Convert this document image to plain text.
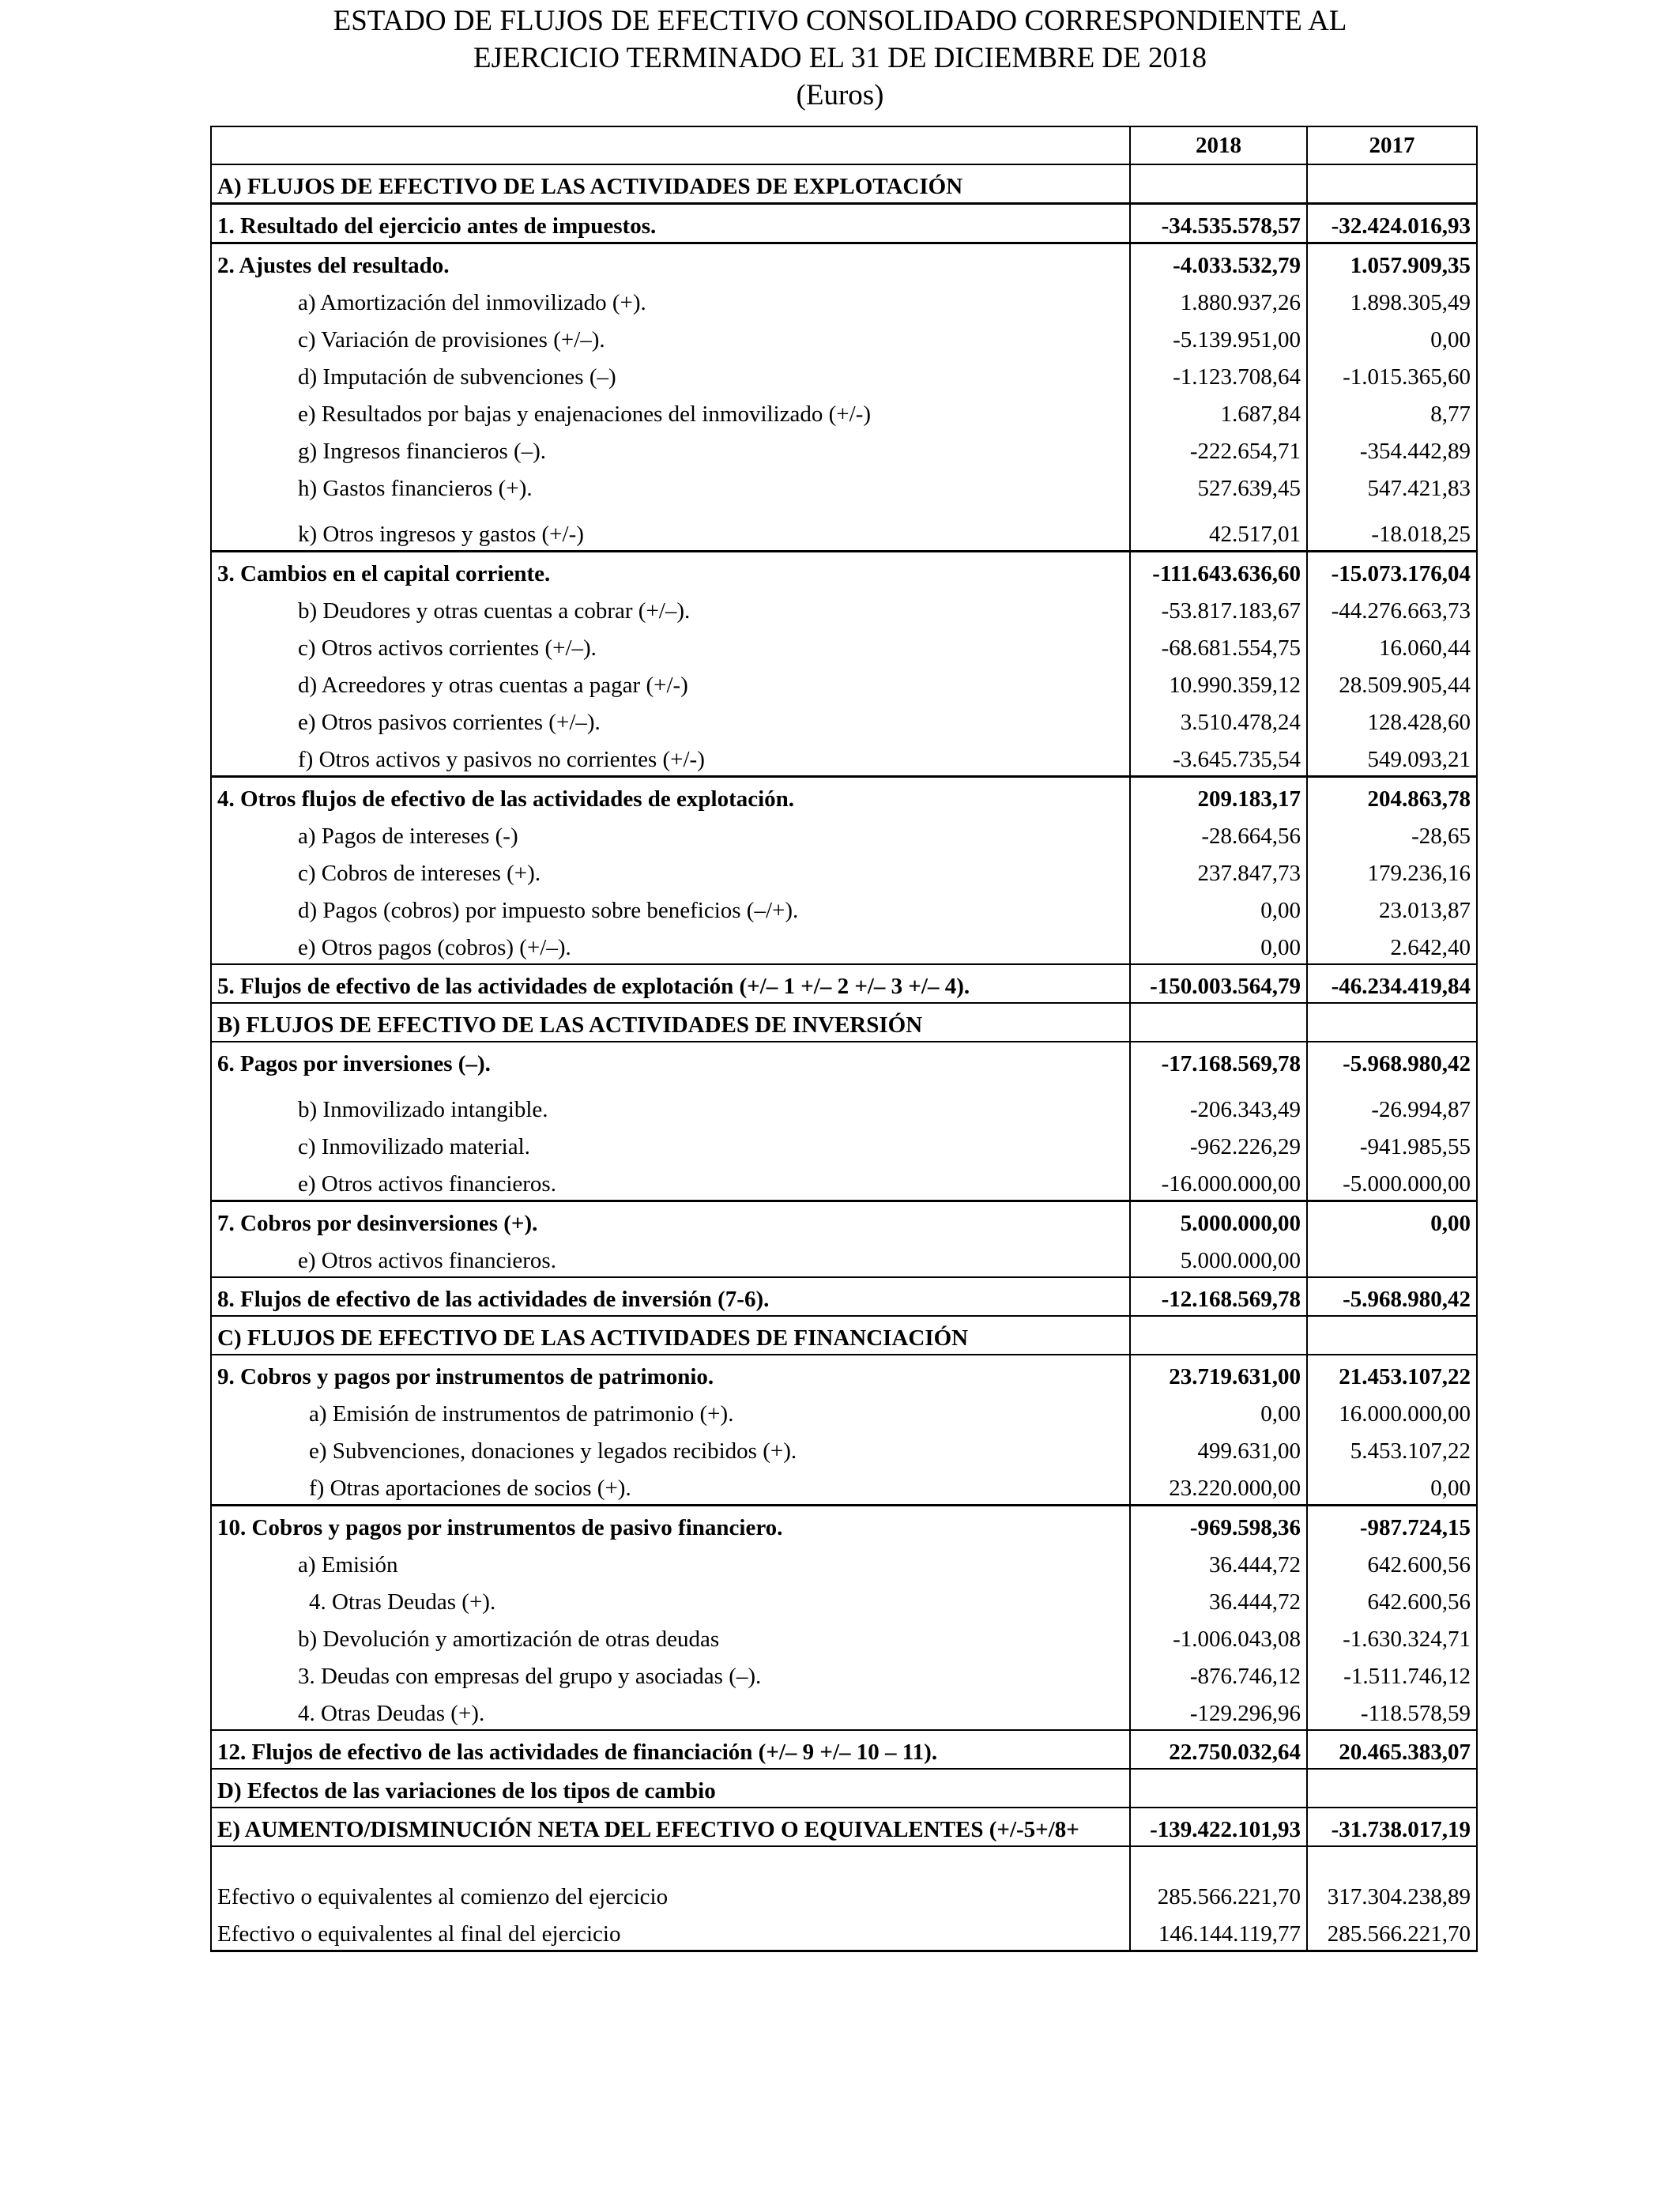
ESTADO DE FLUJOS DE EFECTIVO CONSOLIDADO CORRESPONDIENTE AL
EJERCICIO TERMINADO EL 31 DE DICIEMBRE DE 2018
(Euros)
	2018	2017
A) FLUJOS DE EFECTIVO DE LAS ACTIVIDADES DE EXPLOTACIÓN		
1. Resultado del ejercicio antes de impuestos.	-34.535.578,57	-32.424.016,93
2. Ajustes del resultado.	-4.033.532,79	1.057.909,35
a) Amortización del inmovilizado (+).	1.880.937,26	1.898.305,49
c) Variación de provisiones (+/–).	-5.139.951,00	0,00
d) Imputación de subvenciones (–)	-1.123.708,64	-1.015.365,60
e) Resultados por bajas y enajenaciones del inmovilizado (+/-)	1.687,84	8,77
g) Ingresos financieros (–).	-222.654,71	-354.442,89
h) Gastos financieros (+).	527.639,45	547.421,83
k) Otros ingresos y gastos (+/-)	42.517,01	-18.018,25
3. Cambios en el capital corriente.	-111.643.636,60	-15.073.176,04
b) Deudores y otras cuentas a cobrar (+/–).	-53.817.183,67	-44.276.663,73
c) Otros activos corrientes (+/–).	-68.681.554,75	16.060,44
d) Acreedores y otras cuentas a pagar (+/-)	10.990.359,12	28.509.905,44
e) Otros pasivos corrientes (+/–).	3.510.478,24	128.428,60
f) Otros activos y pasivos no corrientes (+/-)	-3.645.735,54	549.093,21
4. Otros flujos de efectivo de las actividades de explotación.	209.183,17	204.863,78
a) Pagos de intereses (-)	-28.664,56	-28,65
c) Cobros de intereses (+).	237.847,73	179.236,16
d) Pagos (cobros) por impuesto sobre beneficios (–/+).	0,00	23.013,87
e) Otros pagos (cobros) (+/–).	0,00	2.642,40
5. Flujos de efectivo de las actividades de explotación (+/– 1 +/– 2 +/– 3 +/– 4).	-150.003.564,79	-46.234.419,84
B) FLUJOS DE EFECTIVO DE LAS ACTIVIDADES DE INVERSIÓN		
6. Pagos por inversiones (–).	-17.168.569,78	-5.968.980,42
b) Inmovilizado intangible.	-206.343,49	-26.994,87
c) Inmovilizado material.	-962.226,29	-941.985,55
e) Otros activos financieros.	-16.000.000,00	-5.000.000,00
7. Cobros por desinversiones (+).	5.000.000,00	0,00
e) Otros activos financieros.	5.000.000,00	
8. Flujos de efectivo de las actividades de inversión (7-6).	-12.168.569,78	-5.968.980,42
C) FLUJOS DE EFECTIVO DE LAS ACTIVIDADES DE FINANCIACIÓN		
9. Cobros y pagos por instrumentos de patrimonio.	23.719.631,00	21.453.107,22
a) Emisión de instrumentos de patrimonio (+).	0,00	16.000.000,00
e) Subvenciones, donaciones y legados recibidos (+).	499.631,00	5.453.107,22
f) Otras aportaciones de socios (+).	23.220.000,00	0,00
10. Cobros y pagos por instrumentos de pasivo financiero.	-969.598,36	-987.724,15
a) Emisión	36.444,72	642.600,56
4. Otras Deudas (+).	36.444,72	642.600,56
b) Devolución y amortización de otras deudas	-1.006.043,08	-1.630.324,71
3. Deudas con empresas del grupo y asociadas (–).	-876.746,12	-1.511.746,12
4. Otras Deudas (+).	-129.296,96	-118.578,59
12. Flujos de efectivo de las actividades de financiación (+/– 9 +/– 10 – 11).	22.750.032,64	20.465.383,07
D) Efectos de las variaciones de los tipos de cambio		
E) AUMENTO/DISMINUCIÓN NETA DEL EFECTIVO O EQUIVALENTES (+/-5+/8+	-139.422.101,93	-31.738.017,19

Efectivo o equivalentes al comienzo del ejercicio	285.566.221,70	317.304.238,89
Efectivo o equivalentes al final del ejercicio	146.144.119,77	285.566.221,70
